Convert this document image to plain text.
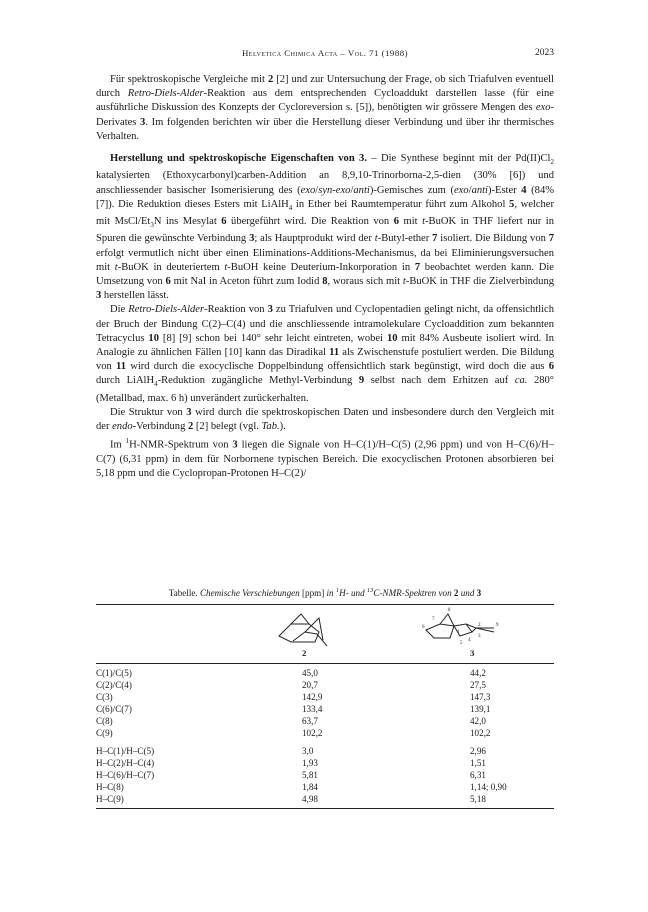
Helvetica Chimica Acta – Vol. 71 (1988)	2023

Für spektroskopische Vergleiche mit 2 [2] und zur Untersuchung der Frage, ob sich Triafulven eventuell durch Retro-Diels-Alder-Reaktion aus dem entsprechenden Cycloaddukt darstellen lasse (für eine ausführliche Diskussion des Konzepts der Cycloreversion s. [5]), benötigten wir grössere Mengen des exo-Derivates 3. Im folgenden berichten wir über die Herstellung dieser Verbindung und über ihr thermisches Verhalten.

Herstellung und spektroskopische Eigenschaften von 3. – Die Synthese beginnt mit der $Pd(II)Cl_2$ katalysierten (Ethoxycarbonyl)carben-Addition an 8,9,10-Trinorborna-2,5-dien (30% [6]) und anschliessender basischer Isomerisierung des (exo/syn-exo/anti)-Gemisches zum (exo/anti)-Ester 4 (84% [7]). Die Reduktion dieses Esters mit LiAlH$_4$ in Ether bei Raumtemperatur führt zum Alkohol 5, welcher mit MsCl/$Et_3N$ ins Mesylat 6 übergeführt wird. Die Reaktion von 6 mit t-BuOK in THF liefert nur in Spuren die gewünschte Verbindung 3; als Hauptprodukt wird der t-Butyl-ether 7 isoliert. Die Bildung von 7 erfolgt vermutlich nicht über einen Eliminations-Additions-Mechanismus, da bei Eliminierungsversuchen mit t-BuOK in deuteriertem t-BuOH keine Deuterium-Inkorporation in 7 beobachtet werden kann. Die Umsetzung von 6 mit NaI in Aceton führt zum Iodid 8, woraus sich mit t-BuOK in THF die Zielverbindung 3 herstellen lässt.

Die Retro-Diels-Alder-Reaktion von 3 zu Triafulven und Cyclopentadien gelingt nicht, da offensichtlich der Bruch der Bindung C(2)–C(4) und die anschliessende intramolekulare Cycloaddition zum bekannten Tetracyclus 10 [8] [9] schon bei 140° sehr leicht eintreten, wobei 10 mit 84% Ausbeute isoliert wird. In Analogie zu ähnlichen Fällen [10] kann das Diradikal 11 als Zwischenstufe postuliert werden. Die Bildung von 11 wird durch die exocyclische Doppelbindung offensichtlich stark begünstigt, wird doch die aus 6 durch LiAlH$_4$-Reduktion zugängliche Methyl-Verbindung 9 selbst nach dem Erhitzen auf ca. 280° (Metallbad, max. 6 h) unverändert zurückerhalten.

Die Struktur von 3 wird durch die spektroskopischen Daten und insbesondere durch den Vergleich mit der endo-Verbindung 2 [2] belegt (vgl. Tab.).

Im $^1$H-NMR-Spektrum von 3 liegen die Signale von H–C(1)/H–C(5) (2,96 ppm) und von H–C(6)/H–C(7) (6,31 ppm) in dem für Norbornene typischen Bereich. Die exocyclischen Protonen absorbieren bei 5,18 ppm und die Cyclopropan-Protonen H–C(2)/

Tabelle. Chemische Verschiebungen [ppm] in $^1$H- und $^{13}$C-NMR-Spektren von 2 und 3
1
2
3
4
5
6
7
8
9
2	3
C(1)/C(5)	45,0	44,2
C(2)/C(4)	20,7	27,5
C(3)	142,9	147,3
C(6)/C(7)	133,4	139,1
C(8)	63,7	42,0
C(9)	102,2	102,2
H–C(1)/H–C(5)	3,0	2,96
H–C(2)/H–C(4)	1,93	1,51
H–C(6)/H–C(7)	5,81	6,31
H–C(8)	1,84	1,14; 0,90
H–C(9)	4,98	5,18
